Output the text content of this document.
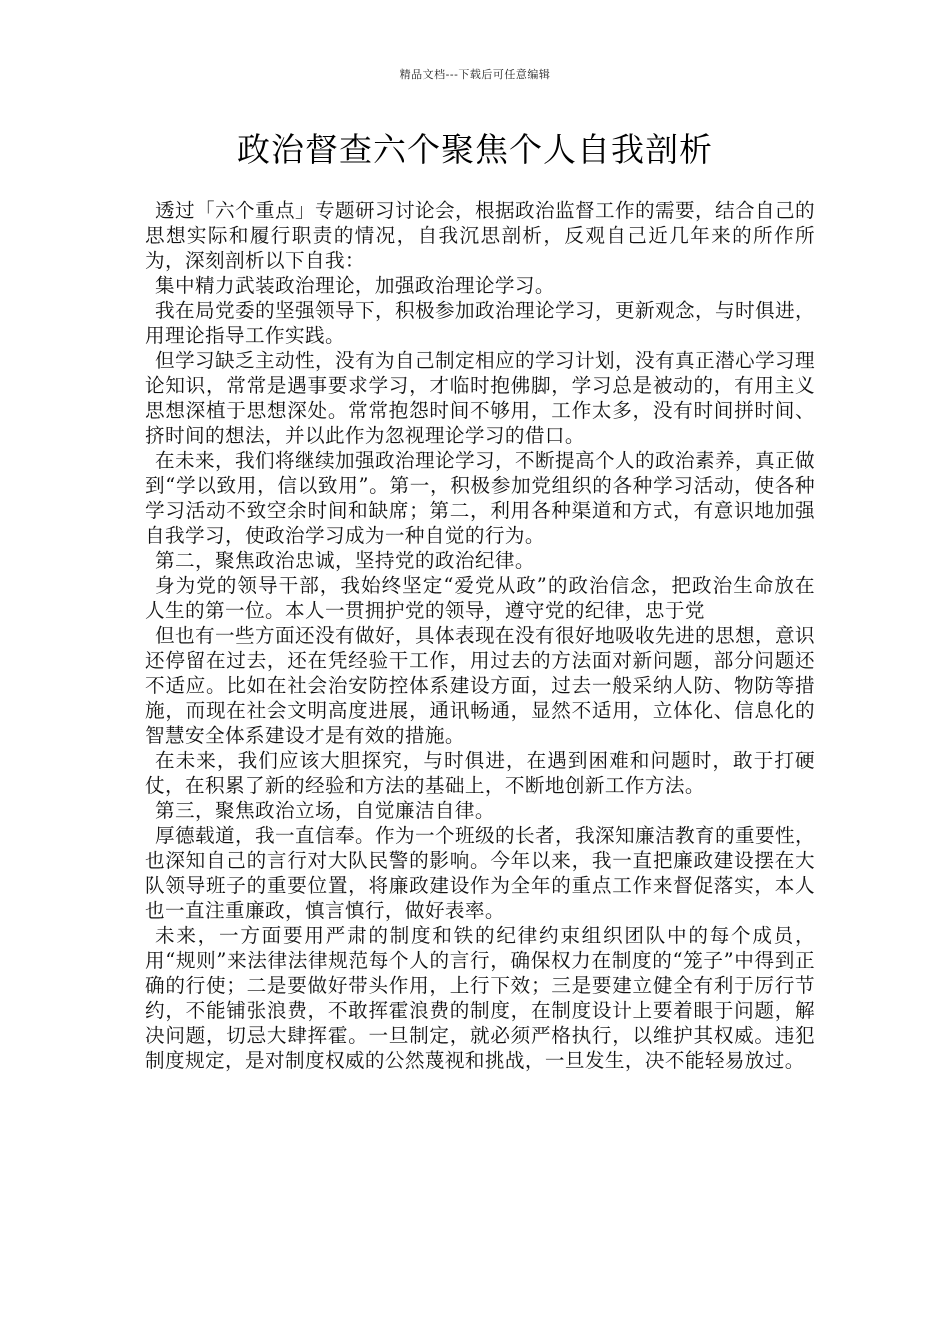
精品文档---下载后可任意编辑
政治督查六个聚焦个人自我剖析

透过「六个重点」专题研习讨论会，根据政治监督工作的需要，结合自己的思想实际和履行职责的情况，自我沉思剖析，反观自己近几年来的所作所为，深刻剖析以下自我：

集中精力武装政治理论，加强政治理论学习。

我在局党委的坚强领导下，积极参加政治理论学习，更新观念，与时俱进，用理论指导工作实践。

但学习缺乏主动性，没有为自己制定相应的学习计划，没有真正潜心学习理论知识，常常是遇事要求学习，才临时抱佛脚，学习总是被动的，有用主义思想深植于思想深处。常常抱怨时间不够用，工作太多，没有时间拼时间、挤时间的想法，并以此作为忽视理论学习的借口。

在未来，我们将继续加强政治理论学习，不断提高个人的政治素养，真正做到“学以致用，信以致用”。第一，积极参加党组织的各种学习活动，使各种学习活动不致空余时间和缺席；第二，利用各种渠道和方式，有意识地加强自我学习，使政治学习成为一种自觉的行为。

第二，聚焦政治忠诚，坚持党的政治纪律。

身为党的领导干部，我始终坚定“爱党从政”的政治信念，把政治生命放在人生的第一位。本人一贯拥护党的领导，遵守党的纪律，忠于党

但也有一些方面还没有做好，具体表现在没有很好地吸收先进的思想，意识还停留在过去，还在凭经验干工作，用过去的方法面对新问题，部分问题还不适应。比如在社会治安防控体系建设方面，过去一般采纳人防、物防等措施，而现在社会文明高度进展，通讯畅通，显然不适用，立体化、信息化的智慧安全体系建设才是有效的措施。

在未来，我们应该大胆探究，与时俱进，在遇到困难和问题时，敢于打硬仗，在积累了新的经验和方法的基础上，不断地创新工作方法。

第三，聚焦政治立场，自觉廉洁自律。

厚德载道，我一直信奉。作为一个班级的长者，我深知廉洁教育的重要性，也深知自己的言行对大队民警的影响。今年以来，我一直把廉政建设摆在大队领导班子的重要位置，将廉政建设作为全年的重点工作来督促落实，本人也一直注重廉政，慎言慎行，做好表率。

未来，一方面要用严肃的制度和铁的纪律约束组织团队中的每个成员，用“规则”来法律法律规范每个人的言行，确保权力在制度的“笼子”中得到正确的行使；二是要做好带头作用，上行下效；三是要建立健全有利于厉行节约，不能铺张浪费，不敢挥霍浪费的制度，在制度设计上要着眼于问题，解决问题，切忌大肆挥霍。一旦制定，就必须严格执行，以维护其权威。违犯制度规定，是对制度权威的公然蔑视和挑战，一旦发生，决不能轻易放过。
